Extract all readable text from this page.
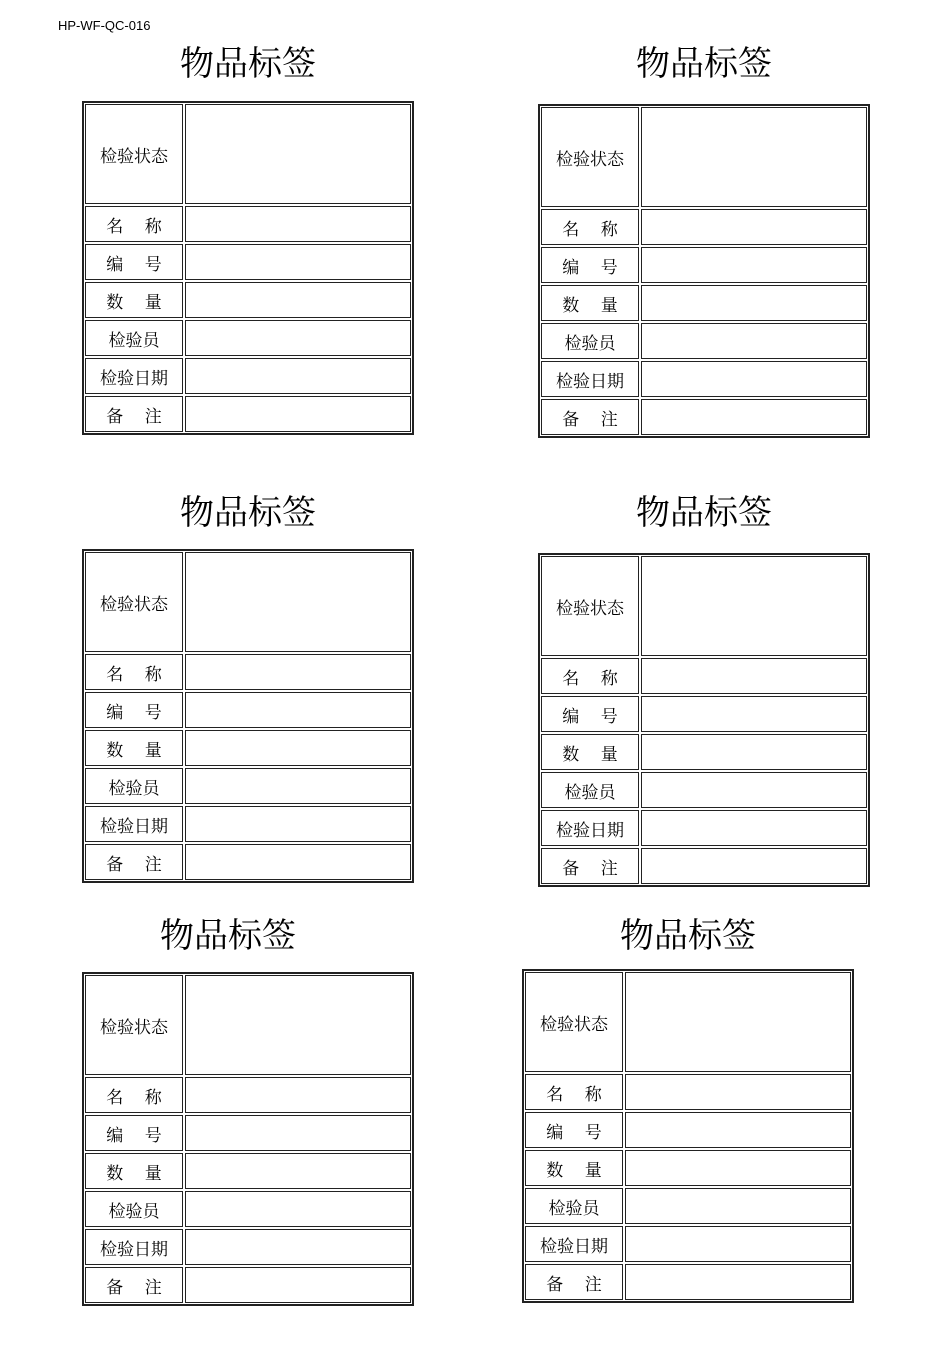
HP-WF-QC-016
物品标签
检验状态
名    称
编    号
数    量
检验员
检验日期
备    注
物品标签
检验状态
名    称
编    号
数    量
检验员
检验日期
备    注
物品标签
检验状态
名    称
编    号
数    量
检验员
检验日期
备    注
物品标签
检验状态
名    称
编    号
数    量
检验员
检验日期
备    注
物品标签
检验状态
名    称
编    号
数    量
检验员
检验日期
备    注
物品标签
检验状态
名    称
编    号
数    量
检验员
检验日期
备    注
